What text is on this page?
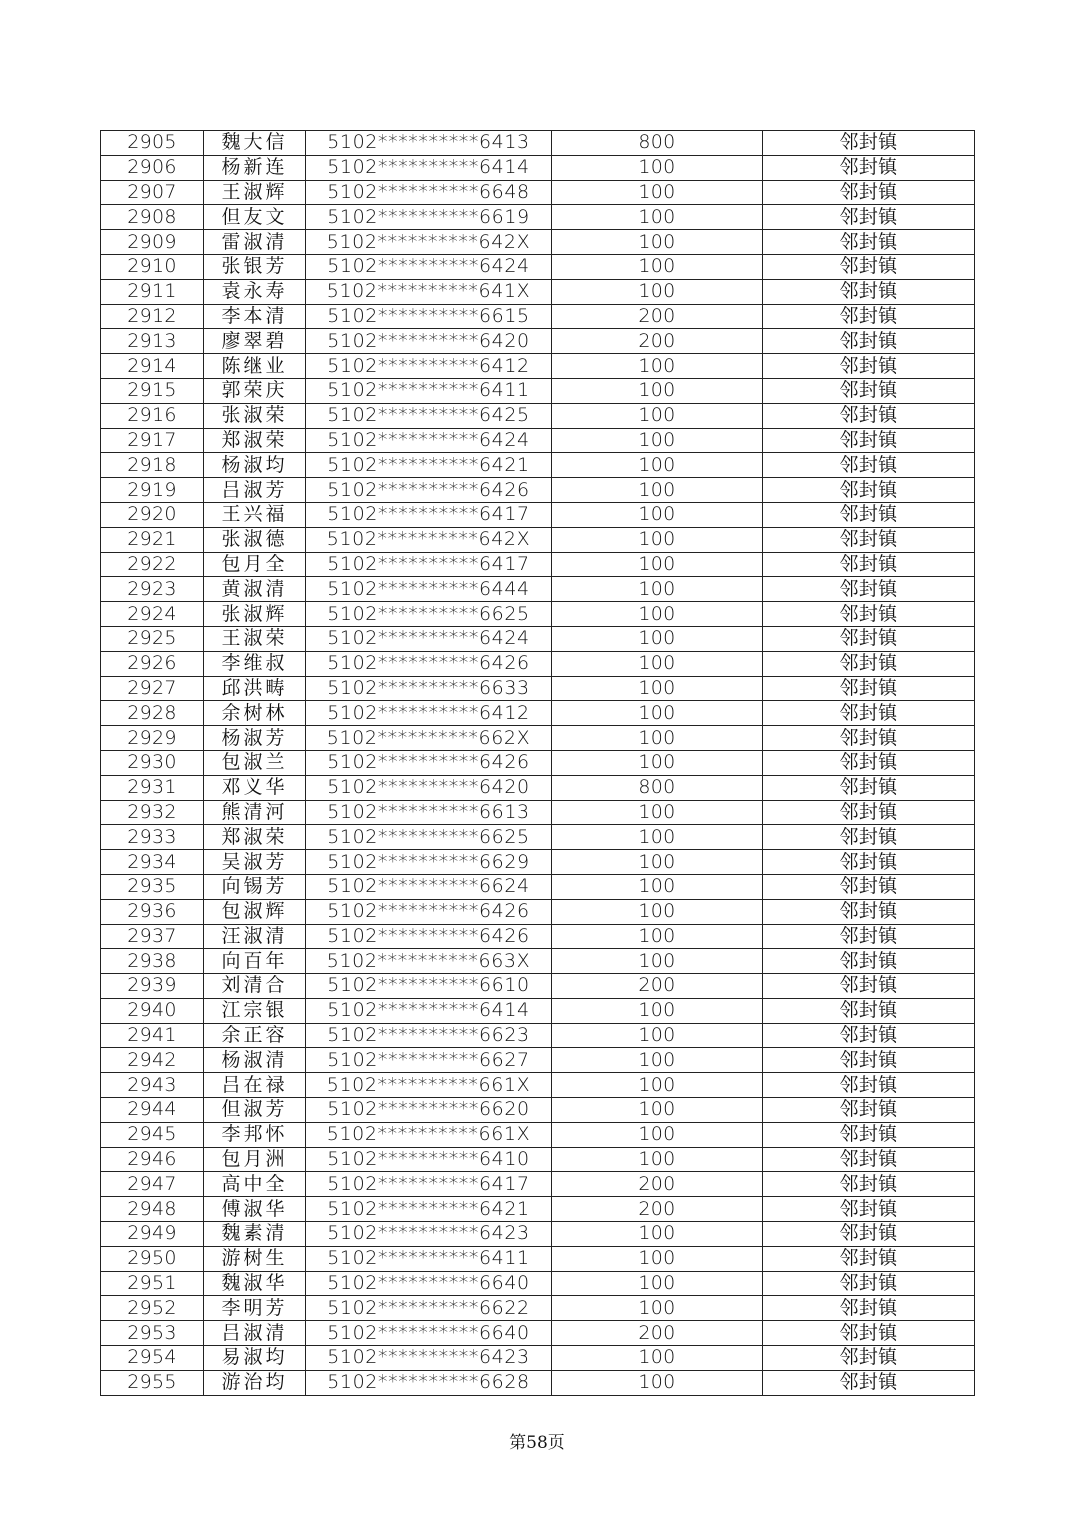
2905	魏大信	5102**********6413	800	邻封镇
2906	杨新连	5102**********6414	100	邻封镇
2907	王淑辉	5102**********6648	100	邻封镇
2908	但友文	5102**********6619	100	邻封镇
2909	雷淑清	5102**********642X	100	邻封镇
2910	张银芳	5102**********6424	100	邻封镇
2911	袁永寿	5102**********641X	100	邻封镇
2912	李本清	5102**********6615	200	邻封镇
2913	廖翠碧	5102**********6420	200	邻封镇
2914	陈继业	5102**********6412	100	邻封镇
2915	郭荣庆	5102**********6411	100	邻封镇
2916	张淑荣	5102**********6425	100	邻封镇
2917	郑淑荣	5102**********6424	100	邻封镇
2918	杨淑均	5102**********6421	100	邻封镇
2919	吕淑芳	5102**********6426	100	邻封镇
2920	王兴福	5102**********6417	100	邻封镇
2921	张淑德	5102**********642X	100	邻封镇
2922	包月全	5102**********6417	100	邻封镇
2923	黄淑清	5102**********6444	100	邻封镇
2924	张淑辉	5102**********6625	100	邻封镇
2925	王淑荣	5102**********6424	100	邻封镇
2926	李维叔	5102**********6426	100	邻封镇
2927	邱洪畴	5102**********6633	100	邻封镇
2928	余树林	5102**********6412	100	邻封镇
2929	杨淑芳	5102**********662X	100	邻封镇
2930	包淑兰	5102**********6426	100	邻封镇
2931	邓义华	5102**********6420	800	邻封镇
2932	熊清河	5102**********6613	100	邻封镇
2933	郑淑荣	5102**********6625	100	邻封镇
2934	吴淑芳	5102**********6629	100	邻封镇
2935	向锡芳	5102**********6624	100	邻封镇
2936	包淑辉	5102**********6426	100	邻封镇
2937	汪淑清	5102**********6426	100	邻封镇
2938	向百年	5102**********663X	100	邻封镇
2939	刘清合	5102**********6610	200	邻封镇
2940	江宗银	5102**********6414	100	邻封镇
2941	余正容	5102**********6623	100	邻封镇
2942	杨淑清	5102**********6627	100	邻封镇
2943	吕在禄	5102**********661X	100	邻封镇
2944	但淑芳	5102**********6620	100	邻封镇
2945	李邦怀	5102**********661X	100	邻封镇
2946	包月洲	5102**********6410	100	邻封镇
2947	高中全	5102**********6417	200	邻封镇
2948	傅淑华	5102**********6421	200	邻封镇
2949	魏素清	5102**********6423	100	邻封镇
2950	游树生	5102**********6411	100	邻封镇
2951	魏淑华	5102**********6640	100	邻封镇
2952	李明芳	5102**********6622	100	邻封镇
2953	吕淑清	5102**********6640	200	邻封镇
2954	易淑均	5102**********6423	100	邻封镇
2955	游治均	5102**********6628	100	邻封镇
第58页
